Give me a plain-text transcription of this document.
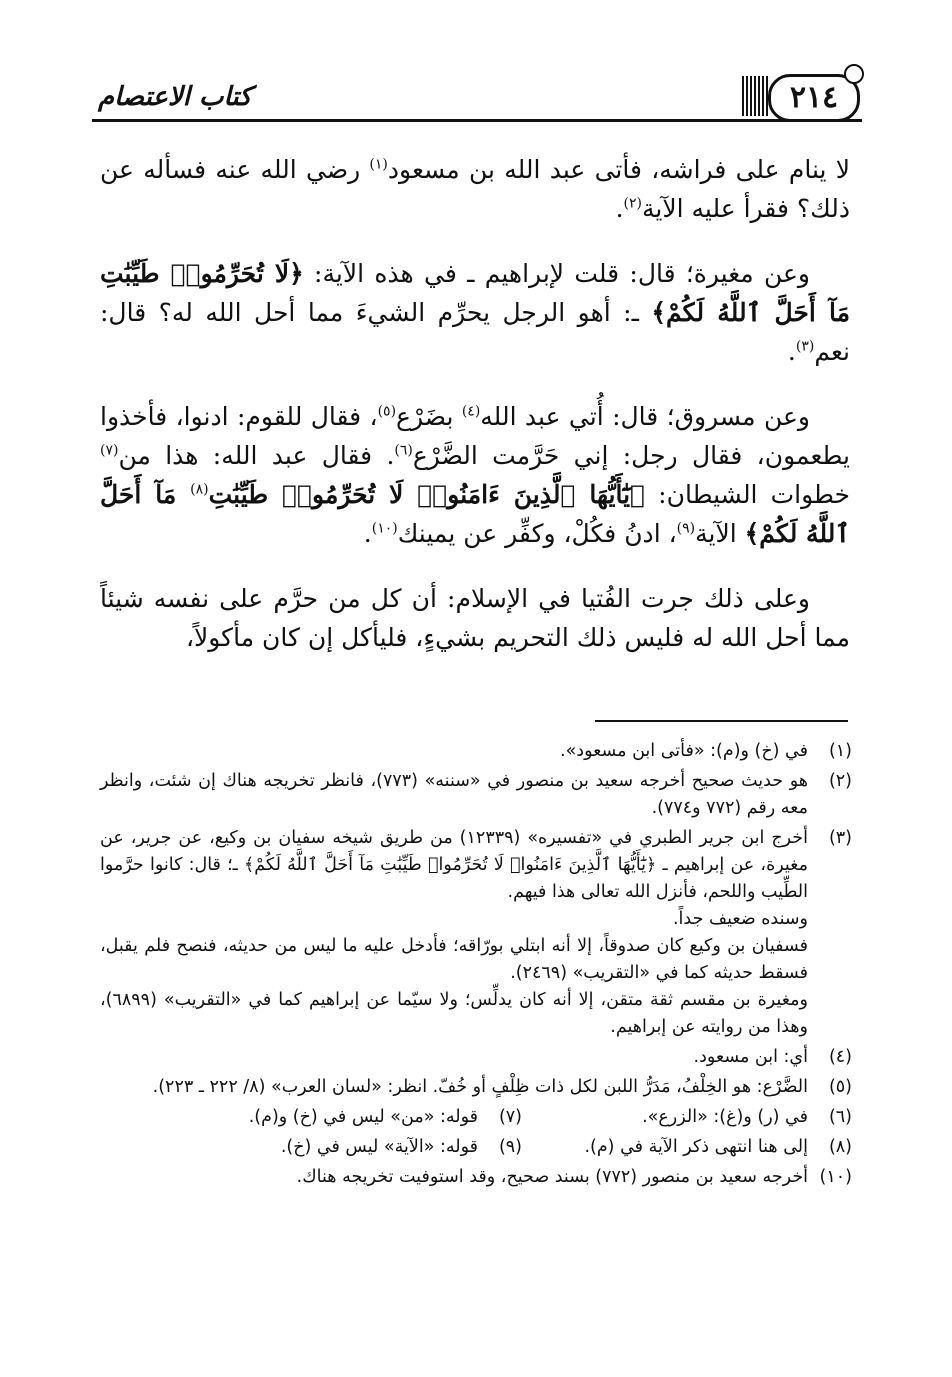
كتاب الاعتصام	٢١٤

لا ينام على فراشه، فأتى عبد الله بن مسعود$^{(١)}$ رضي الله عنه فسأله عن ذلك؟ فقرأ عليه الآية$^{(٢)}$.

وعن مغيرة؛ قال: قلت لإبراهيم ـ في هذه الآية: ﴿لَا تُحَرِّمُوا۟ طَيِّبَٰتِ مَآ أَحَلَّ ٱللَّهُ لَكُمْ﴾ ـ: أهو الرجل يحرِّم الشيءَ مما أحل الله له؟ قال: نعم$^{(٣)}$.

وعن مسروق؛ قال: أُتي عبد الله$^{(٤)}$ بضَرْع$^{(٥)}$، فقال للقوم: ادنوا، فأخذوا يطعمون، فقال رجل: إني حَرَّمت الضَّرْع$^{(٦)}$. فقال عبد الله: هذا من$^{(٧)}$ خطوات الشيطان: ﴿يَٰٓأَيُّهَا ٱلَّذِينَ ءَامَنُوا۟ لَا تُحَرِّمُوا۟ طَيِّبَٰتِ$^{(٨)}$ مَآ أَحَلَّ ٱللَّهُ لَكُمْ﴾ الآية$^{(٩)}$، ادنُ فكُلْ، وكفِّر عن يمينك$^{(١٠)}$.

وعلى ذلك جرت الفُتيا في الإسلام: أن كل من حرَّم على نفسه شيئاً مما أحل الله له فليس ذلك التحريم بشيءٍ، فليأكل إن كان مأكولاً،

(١)
في (خ) و(م): «فأتى ابن مسعود».
(٢)
هو حديث صحيح أخرجه سعيد بن منصور في «سننه» (٧٧٣)، فانظر تخريجه هناك إن شئت، وانظر معه رقم (٧٧٢ و٧٧٤).
(٣)
أخرج ابن جرير الطبري في «تفسيره» (١٢٣٣٩) من طريق شيخه سفيان بن وكيع، عن جرير، عن مغيرة، عن إبراهيم ـ ﴿يَٰٓأَيُّهَا ٱلَّذِينَ ءَامَنُوا۟ لَا تُحَرِّمُوا۟ طَيِّبَٰتِ مَآ أَحَلَّ ٱللَّهُ لَكُمْ﴾ ـ؛ قال: كانوا حرَّموا الطِّيب واللحم، فأنزل الله تعالى هذا فيهم.
وسنده ضعيف جداً.
فسفيان بن وكيع كان صدوقاً، إلا أنه ابتلي بورّاقه؛ فأدخل عليه ما ليس من حديثه، فنصح فلم يقبل، فسقط حديثه كما في «التقريب» (٢٤٦٩).
ومغيرة بن مقسم ثقة متقن، إلا أنه كان يدلِّس؛ ولا سيّما عن إبراهيم كما في «التقريب» (٦٨٩٩)، وهذا من روايته عن إبراهيم.
(٤)
أي: ابن مسعود.
(٥)
الضَّرْع: هو الخِلْفُ، مَدَرُّ اللبن لكل ذات ظِلْفٍ أو خُفّ. انظر: «لسان العرب» (٨/ ٢٢٢ ـ ٢٢٣).
(٦)
في (ر) و(غ): «الزرع».
(٧)
قوله: «من» ليس في (خ) و(م).
(٨)
إلى هنا انتهى ذكر الآية في (م).
(٩)
قوله: «الآية» ليس في (خ).
(١٠)
أخرجه سعيد بن منصور (٧٧٢) بسند صحيح، وقد استوفيت تخريجه هناك.
